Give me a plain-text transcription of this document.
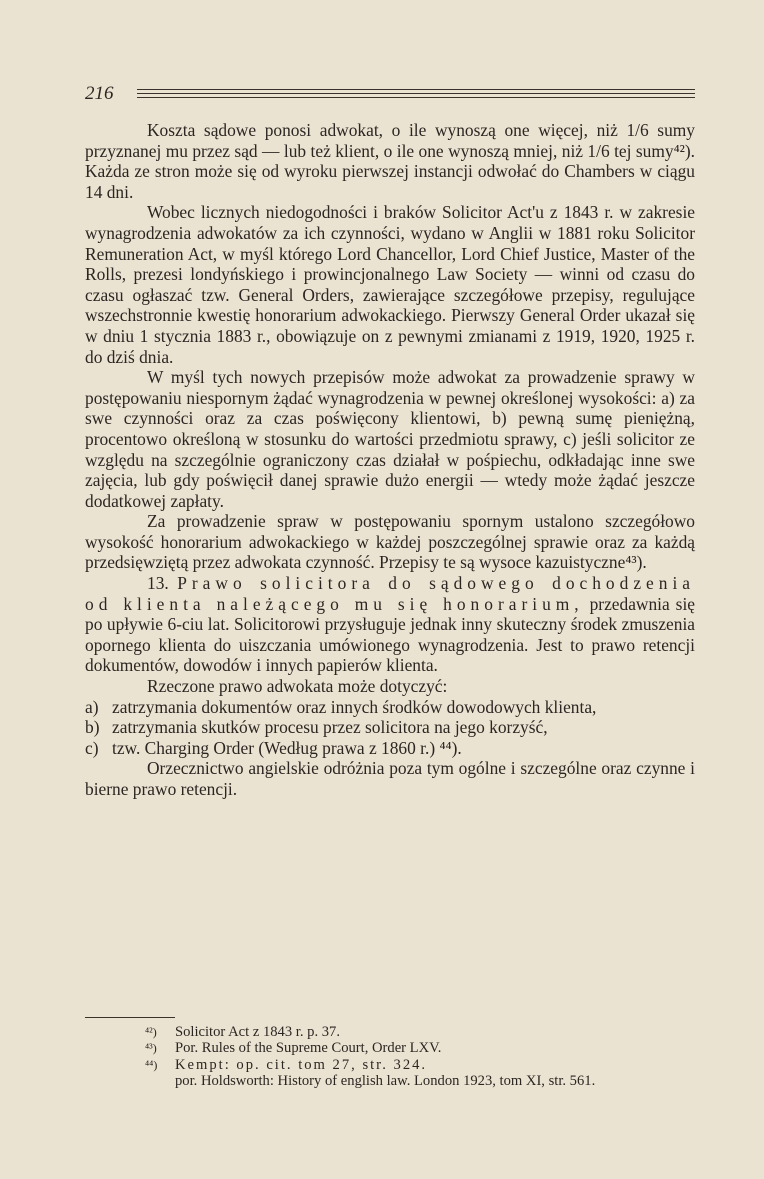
216

Koszta sądowe ponosi adwokat, o ile wynoszą one więcej, niż 1/6 sumy przyznanej mu przez sąd — lub też klient, o ile one wynoszą mniej, niż 1/6 tej sumy⁴²). Każda ze stron może się od wyroku pierwszej instancji odwołać do Chambers w ciągu 14 dni.

Wobec licznych niedogodności i braków Solicitor Act'u z 1843 r. w zakresie wynagrodzenia adwokatów za ich czynności, wydano w Anglii w 1881 roku Solicitor Remuneration Act, w myśl którego Lord Chancellor, Lord Chief Justice, Master of the Rolls, prezesi londyńskiego i prowincjonalnego Law Society — winni od czasu do czasu ogłaszać tzw. General Orders, zawierające szczegółowe przepisy, regulujące wszechstronnie kwestię honorarium adwokackiego. Pierwszy General Order ukazał się w dniu 1 stycznia 1883 r., obowiązuje on z pewnymi zmianami z 1919, 1920, 1925 r. do dziś dnia.

W myśl tych nowych przepisów może adwokat za prowadzenie sprawy w postępowaniu niespornym żądać wynagrodzenia w pewnej określonej wysokości: a) za swe czynności oraz za czas poświęcony klientowi, b) pewną sumę pieniężną, procentowo określoną w stosunku do wartości przedmiotu sprawy, c) jeśli solicitor ze względu na szczególnie ograniczony czas działał w pośpiechu, odkładając inne swe zajęcia, lub gdy poświęcił danej sprawie dużo energii — wtedy może żądać jeszcze dodatkowej zapłaty.

Za prowadzenie spraw w postępowaniu spornym ustalono szczegółowo wysokość honorarium adwokackiego w każdej poszczególnej sprawie oraz za każdą przedsięwziętą przez adwokata czynność. Przepisy te są wysoce kazuistyczne⁴³).

13. Prawo solicitora do sądowego dochodzenia od klienta należącego mu się honorarium, przedawnia się po upływie 6-ciu lat. Solicitorowi przysługuje jednak inny skuteczny środek zmuszenia opornego klienta do uiszczania umówionego wynagrodzenia. Jest to prawo retencji dokumentów, dowodów i innych papierów klienta.

Rzeczone prawo adwokata może dotyczyć:

a) zatrzymania dokumentów oraz innych środków dowodowych klienta,
b) zatrzymania skutków procesu przez solicitora na jego korzyść,
c) tzw. Charging Order (Według prawa z 1860 r.) ⁴⁴).

Orzecznictwo angielskie odróżnia poza tym ogólne i szczególne oraz czynne i bierne prawo retencji.

⁴²)	Solicitor Act z 1843 r. p. 37.
⁴³)	Por. Rules of the Supreme Court, Order LXV.
⁴⁴)	Kempt: op. cit. tom 27, str. 324.
por. Holdsworth: History of english law. London 1923, tom XI, str. 561.
